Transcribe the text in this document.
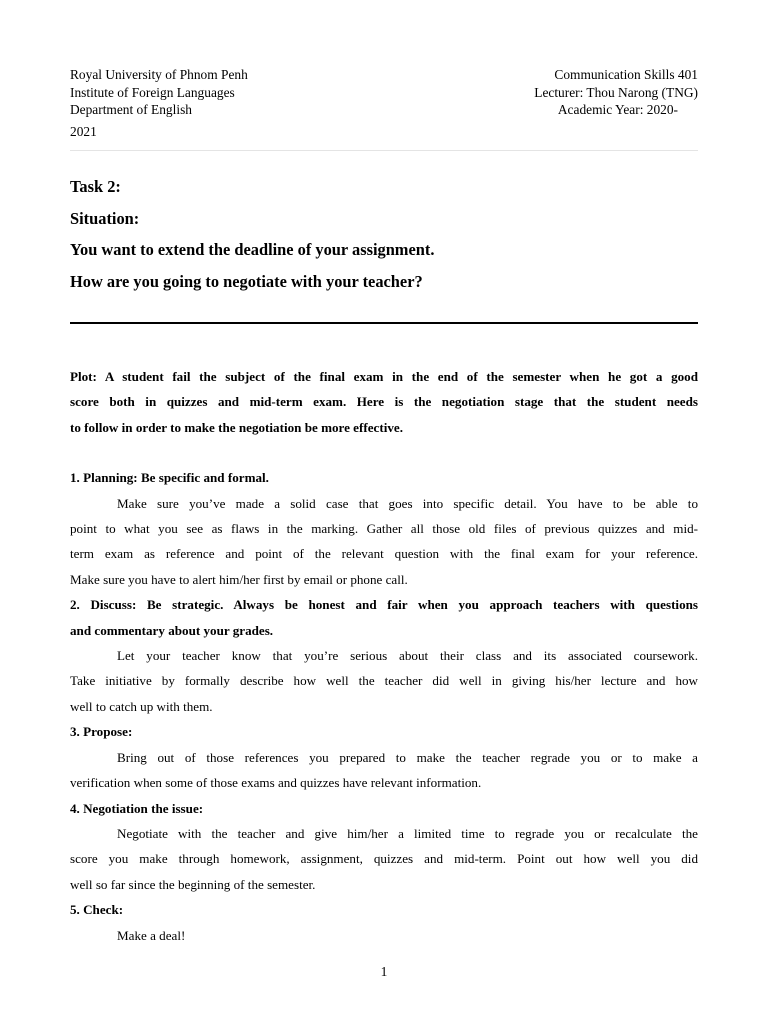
Royal University of Phnom Penh	Communication Skills 401
Institute of Foreign Languages	Lecturer: Thou Narong (TNG)
Department of English	Academic Year: 2020-
2021
Task 2:
Situation:
You want to extend the deadline of your assignment.
How are you going to negotiate with your teacher?
Plot: A student fail the subject of the final exam in the end of the semester when he got a good
score both in quizzes and mid-term exam. Here is the negotiation stage that the student needs
to follow in order to make the negotiation be more effective.
1. Planning: Be specific and formal.
Make sure you’ve made a solid case that goes into specific detail. You have to be able to
point to what you see as flaws in the marking. Gather all those old files of previous quizzes and mid-
term exam as reference and point of the relevant question with the final exam for your reference.
Make sure you have to alert him/her first by email or phone call.
2. Discuss: Be strategic. Always be honest and fair when you approach teachers with questions
and commentary about your grades.
Let your teacher know that you’re serious about their class and its associated coursework.
Take initiative by formally describe how well the teacher did well in giving his/her lecture and how
well to catch up with them.
3. Propose:
Bring out of those references you prepared to make the teacher regrade you or to make a
verification when some of those exams and quizzes have relevant information.
4. Negotiation the issue:
Negotiate with the teacher and give him/her a limited time to regrade you or recalculate the
score you make through homework, assignment, quizzes and mid-term. Point out how well you did
well so far since the beginning of the semester.
5. Check:
Make a deal!
1
